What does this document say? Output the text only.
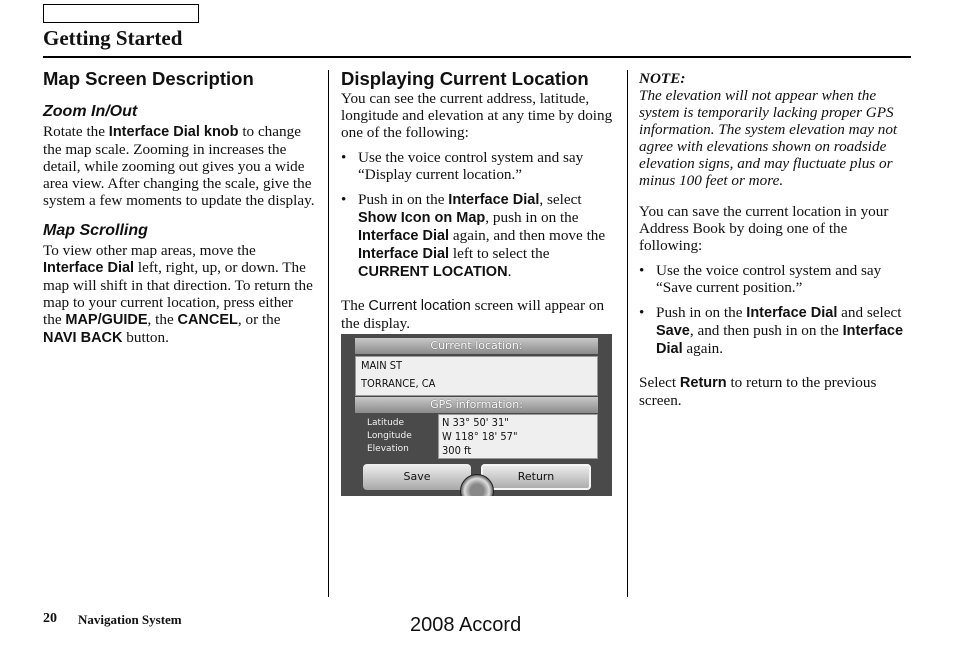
Getting Started

Map Screen Description

Zoom In/Out

Rotate the Interface Dial knob to change the map scale. Zooming in increases the detail, while zooming out gives you a wide area view. After changing the scale, give the system a few moments to update the display.

Map Scrolling

To view other map areas, move the Interface Dial left, right, up, or down. The map will shift in that direction. To return the map to your current location, press either the MAP/GUIDE, the CANCEL, or the NAVI BACK button.

Displaying Current Location

You can see the current address, latitude, longitude and elevation at any time by doing one of the following:

• Use the voice control system and say “Display current location.”
• Push in on the Interface Dial, select Show Icon on Map, push in on the Interface Dial again, and then move the Interface Dial left to select the CURRENT LOCATION.

The Current location screen will appear on the display.

Current location:
MAIN ST
TORRANCE, CA
GPS information:
Latitude
Longitude
Elevation
N 33° 50' 31"
W 118° 18' 57"
300 ft
Save	Return

NOTE:

The elevation will not appear when the system is temporarily lacking proper GPS information. The system elevation may not agree with elevations shown on roadside elevation signs, and may fluctuate plus or minus 100 feet or more.

You can save the current location in your Address Book by doing one of the following:

• Use the voice control system and say “Save current position.”
• Push in on the Interface Dial and select Save, and then push in on the Interface Dial again.

Select Return to return to the previous screen.

20 Navigation System	2008 Accord
